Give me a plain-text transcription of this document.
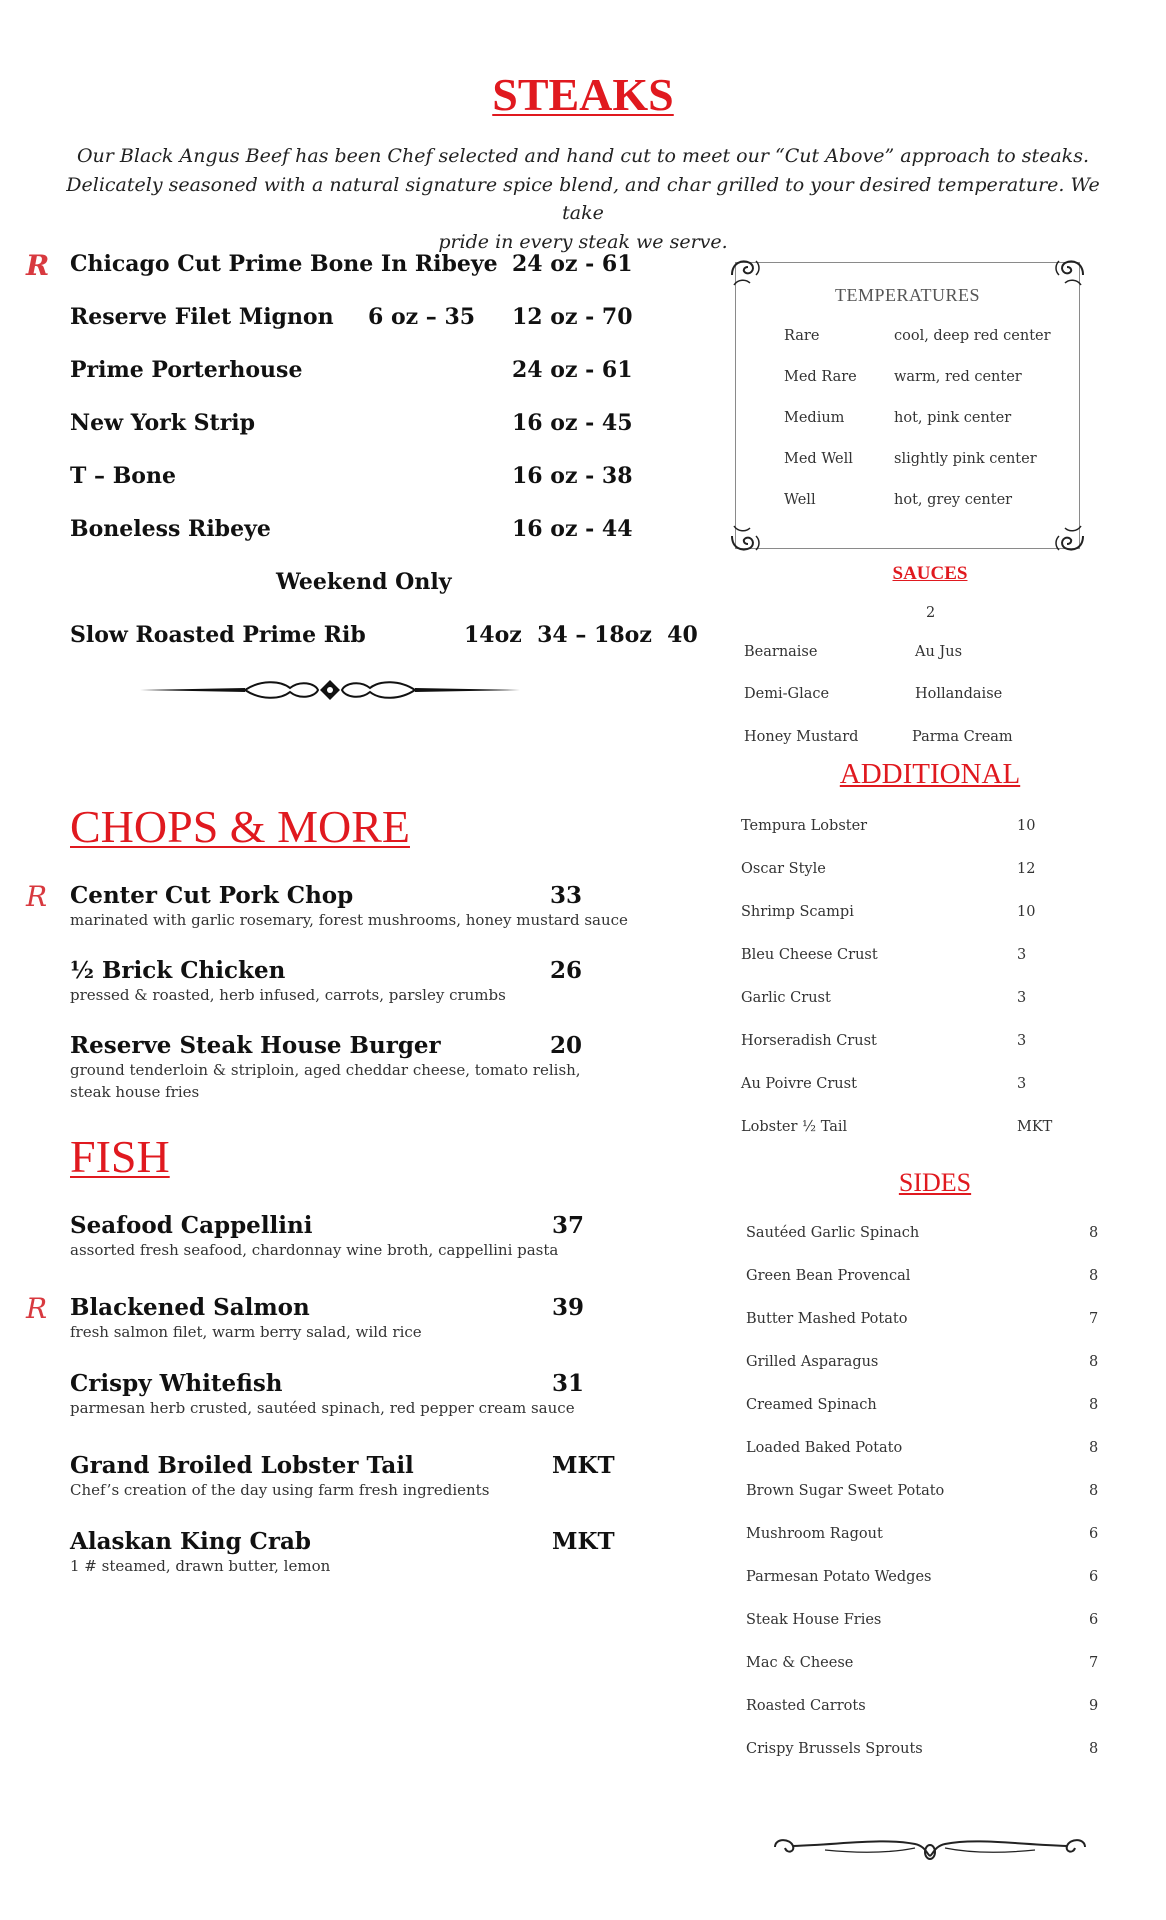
STEAKS
Our Black Angus Beef has been Chef selected and hand cut to meet our “Cut Above” approach to steaks.
Delicately seasoned with a natural signature spice blend, and char grilled to your desired temperature. We take
pride in every steak we serve.
R Chicago Cut Prime Bone In Ribeye 24 oz - 61
Reserve Filet Mignon 6 oz – 35 12 oz - 70
Prime Porterhouse	24 oz - 61
New York Strip	16 oz - 45
T – Bone	16 oz - 38
Boneless Ribeye	16 oz - 44
Weekend Only
Slow Roasted Prime Rib	14oz  34 – 18oz  40
TEMPERATURES
Rare	cool, deep red center
Med Rare	warm, red center
Medium	hot, pink center
Med Well	slightly pink center
Well	hot, grey center
SAUCES
2
Bearnaise	Au Jus
Demi-Glace	Hollandaise
Honey Mustard	Parma Cream
ADDITIONAL
Tempura Lobster	10
Oscar Style	12
Shrimp Scampi	10
Bleu Cheese Crust	3
Garlic Crust	3
Horseradish Crust	3
Au Poivre Crust	3
Lobster ½ Tail	MKT
CHOPS & MORE
R Center Cut Pork Chop	33
marinated with garlic rosemary, forest mushrooms, honey mustard sauce
½ Brick Chicken	26
pressed & roasted, herb infused, carrots, parsley crumbs
Reserve Steak House Burger	20
ground tenderloin & striploin, aged cheddar cheese, tomato relish, steak house fries
FISH
Seafood Cappellini	37
assorted fresh seafood, chardonnay wine broth, cappellini pasta
R Blackened Salmon	39
fresh salmon filet, warm berry salad, wild rice
Crispy Whitefish	31
parmesan herb crusted, sautéed spinach, red pepper cream sauce
Grand Broiled Lobster Tail	MKT
Chef’s creation of the day using farm fresh ingredients
Alaskan King Crab	MKT
1 # steamed, drawn butter, lemon
SIDES
Sautéed Garlic Spinach	8
Green Bean Provencal	8
Butter Mashed Potato	7
Grilled Asparagus	8
Creamed Spinach	8
Loaded Baked Potato	8
Brown Sugar Sweet Potato	8
Mushroom Ragout	6
Parmesan Potato Wedges	6
Steak House Fries	6
Mac & Cheese	7
Roasted Carrots	9
Crispy Brussels Sprouts	8
